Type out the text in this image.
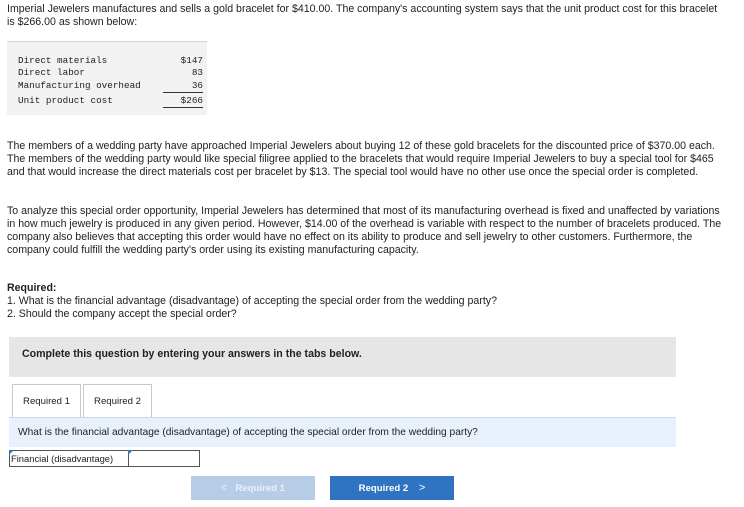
Imperial Jewelers manufactures and sells a gold bracelet for $410.00. The company's accounting system says that the unit product cost for this bracelet is $266.00 as shown below:

Direct materials	$147
Direct labor	83
Manufacturing overhead	36
Unit product cost	$266

The members of a wedding party have approached Imperial Jewelers about buying 12 of these gold bracelets for the discounted price of $370.00 each. The members of the wedding party would like special filigree applied to the bracelets that would require Imperial Jewelers to buy a special tool for $465 and that would increase the direct materials cost per bracelet by $13. The special tool would have no other use once the special order is completed.

To analyze this special order opportunity, Imperial Jewelers has determined that most of its manufacturing overhead is fixed and unaffected by variations in how much jewelry is produced in any given period. However, $14.00 of the overhead is variable with respect to the number of bracelets produced. The company also believes that accepting this order would have no effect on its ability to produce and sell jewelry to other customers. Furthermore, the company could fulfill the wedding party's order using its existing manufacturing capacity.

Required:
1. What is the financial advantage (disadvantage) of accepting the special order from the wedding party?
2. Should the company accept the special order?
Complete this question by entering your answers in the tabs below.
Required 1	Required 2
What is the financial advantage (disadvantage) of accepting the special order from the wedding party?
Financial (disadvantage)
< Required 1	Required 2 >
